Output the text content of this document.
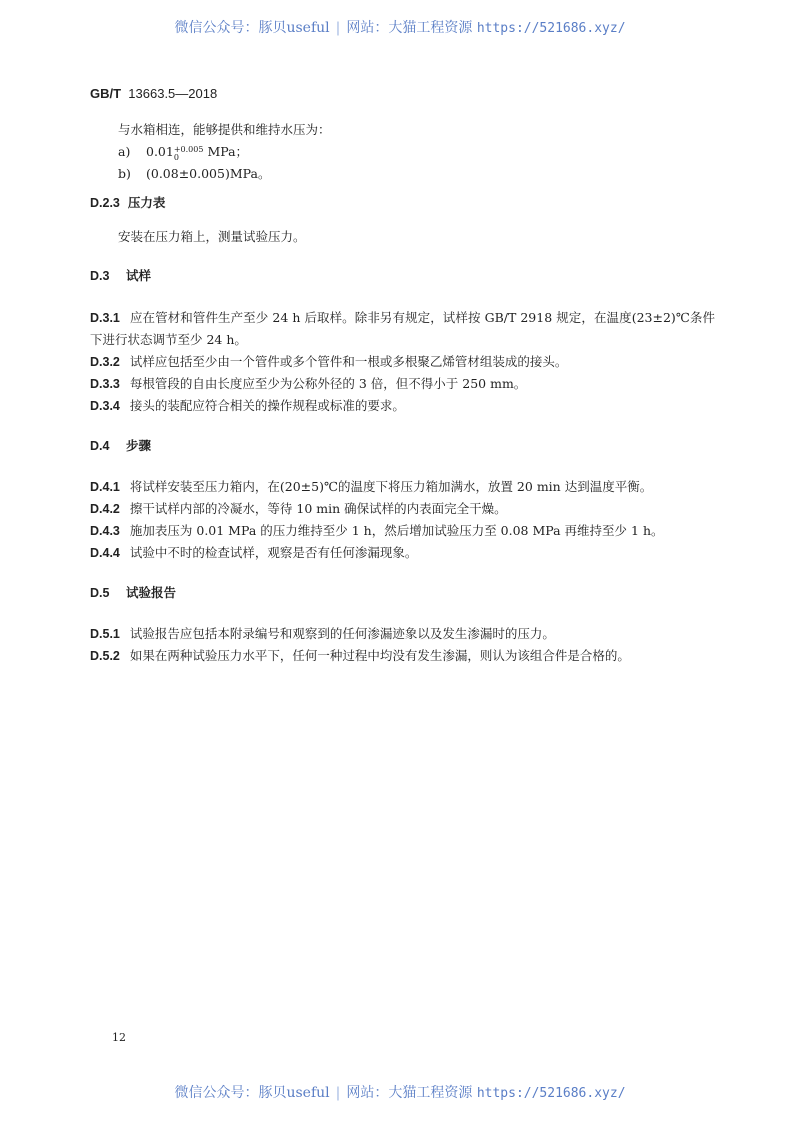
微信公众号：豚贝useful | 网站：大猫工程资源 https://521686.xyz/
GB/T 13663.5—2018
与水箱相连，能够提供和维持水压为：
a) 0.01 $^{+0.005 0}$	MPa；
b) (0.08±0.005)MPa。
D.2.3 压力表
安装在压力箱上，测量试验压力。
D.3 试样
D.3.1 应在管材和管件生产至少 24 h 后取样。除非另有规定，试样按 GB/T 2918 规定，在温度(23±2)℃条件下进行状态调节至少 24 h。
D.3.2 试样应包括至少由一个管件或多个管件和一根或多根聚乙烯管材组装成的接头。
D.3.3 每根管段的自由长度应至少为公称外径的 3 倍，但不得小于 250 mm。
D.3.4 接头的装配应符合相关的操作规程或标准的要求。
D.4 步骤
D.4.1 将试样安装至压力箱内，在(20±5)℃的温度下将压力箱加满水，放置 20 min 达到温度平衡。
D.4.2 擦干试样内部的冷凝水，等待 10 min 确保试样的内表面完全干燥。
D.4.3 施加表压为 0.01 MPa 的压力维持至少 1 h，然后增加试验压力至 0.08 MPa 再维持至少 1 h。
D.4.4 试验中不时的检查试样，观察是否有任何渗漏现象。
D.5 试验报告
D.5.1 试验报告应包括本附录编号和观察到的任何渗漏迹象以及发生渗漏时的压力。
D.5.2 如果在两种试验压力水平下，任何一种过程中均没有发生渗漏，则认为该组合件是合格的。
12
微信公众号：豚贝useful | 网站：大猫工程资源 https://521686.xyz/
